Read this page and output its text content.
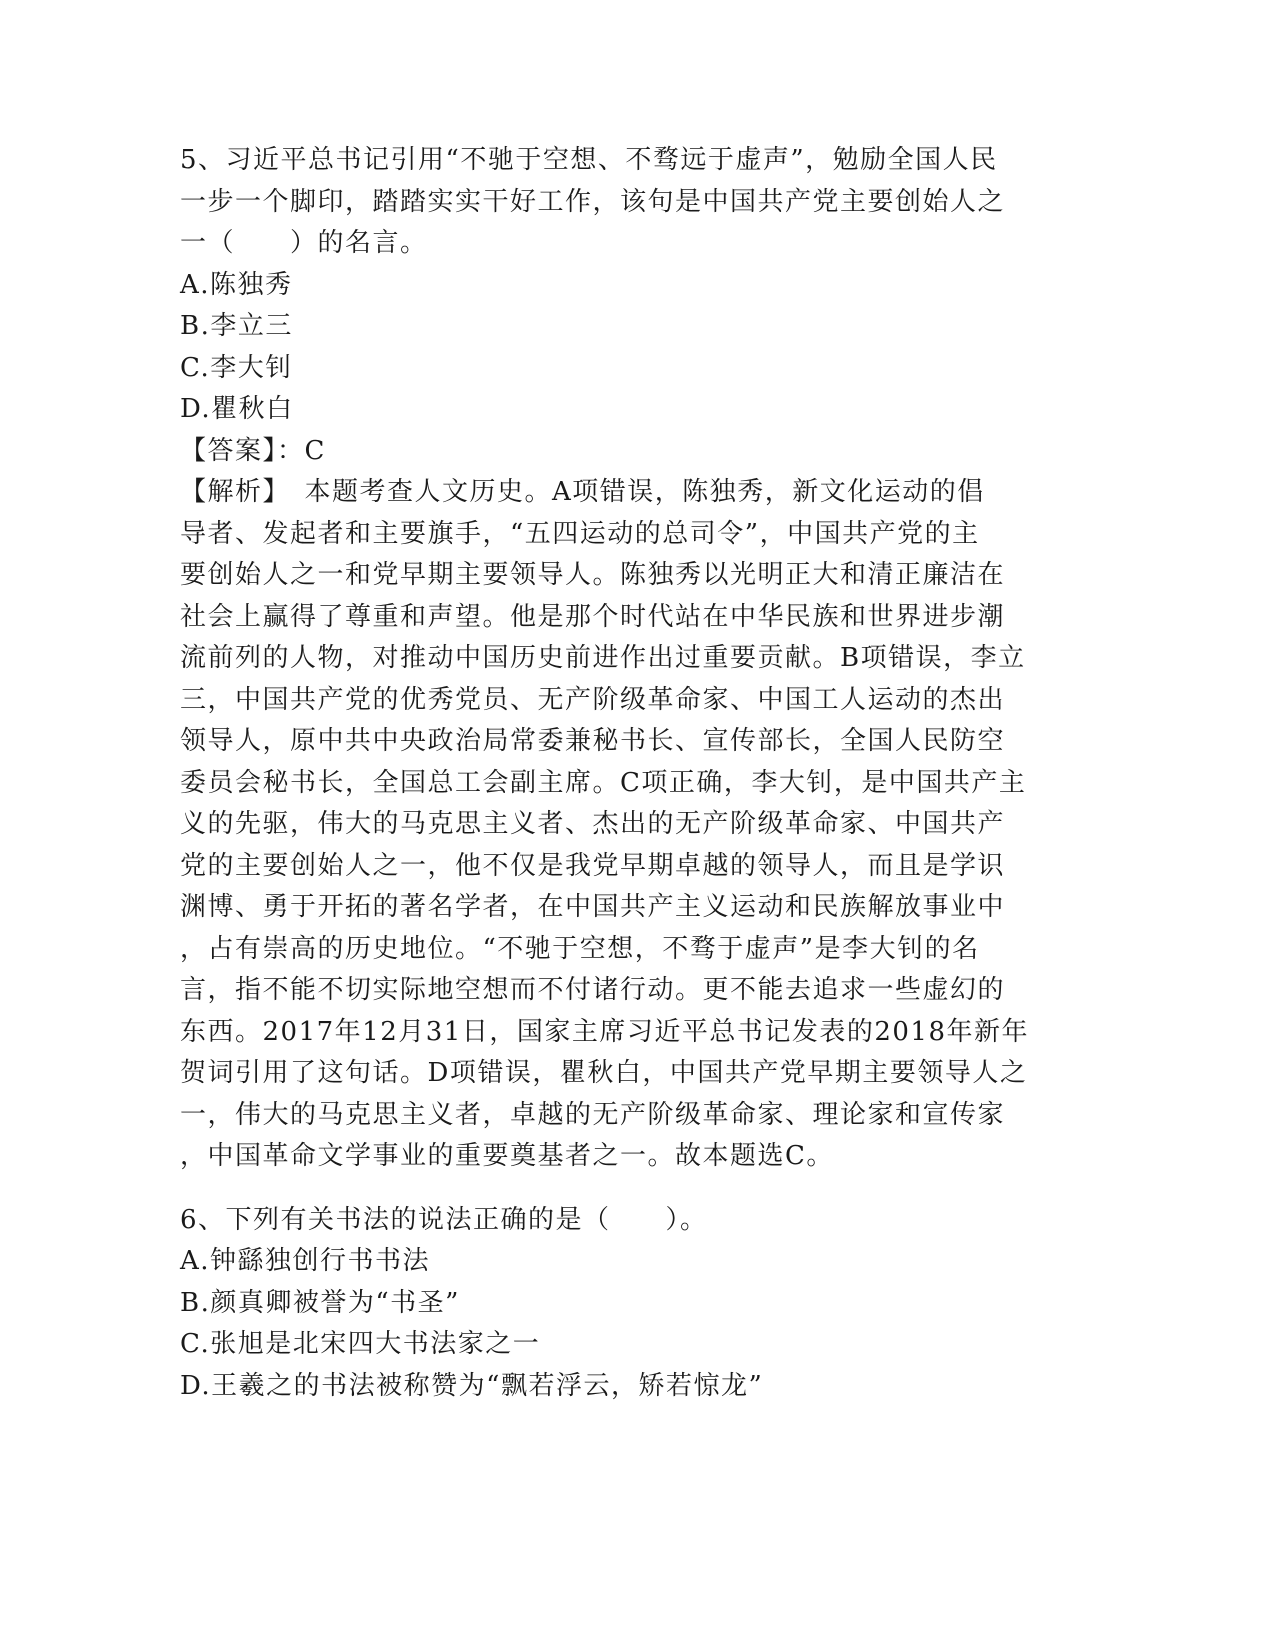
5、习近平总书记引用“不驰于空想、不骛远于虚声”，勉励全国人民
一步一个脚印，踏踏实实干好工作，该句是中国共产党主要创始人之
一（　　）的名言。
A.陈独秀
B.李立三
C.李大钊
D.瞿秋白
【答案】：C
【解析】　本题考查人文历史。A项错误，陈独秀，新文化运动的倡
导者、发起者和主要旗手，“五四运动的总司令”，中国共产党的主
要创始人之一和党早期主要领导人。陈独秀以光明正大和清正廉洁在
社会上赢得了尊重和声望。他是那个时代站在中华民族和世界进步潮
流前列的人物，对推动中国历史前进作出过重要贡献。B项错误，李立
三，中国共产党的优秀党员、无产阶级革命家、中国工人运动的杰出
领导人，原中共中央政治局常委兼秘书长、宣传部长，全国人民防空
委员会秘书长，全国总工会副主席。C项正确，李大钊，是中国共产主
义的先驱，伟大的马克思主义者、杰出的无产阶级革命家、中国共产
党的主要创始人之一，他不仅是我党早期卓越的领导人，而且是学识
渊博、勇于开拓的著名学者，在中国共产主义运动和民族解放事业中
，占有崇高的历史地位。“不驰于空想，不骛于虚声”是李大钊的名
言，指不能不切实际地空想而不付诸行动。更不能去追求一些虚幻的
东西。2017年12月31日，国家主席习近平总书记发表的2018年新年
贺词引用了这句话。D项错误，瞿秋白，中国共产党早期主要领导人之
一，伟大的马克思主义者，卓越的无产阶级革命家、理论家和宣传家
，中国革命文学事业的重要奠基者之一。故本题选C。
6、下列有关书法的说法正确的是（　　）。
A.钟繇独创行书书法
B.颜真卿被誉为“书圣”
C.张旭是北宋四大书法家之一
D.王羲之的书法被称赞为“飘若浮云，矫若惊龙”
